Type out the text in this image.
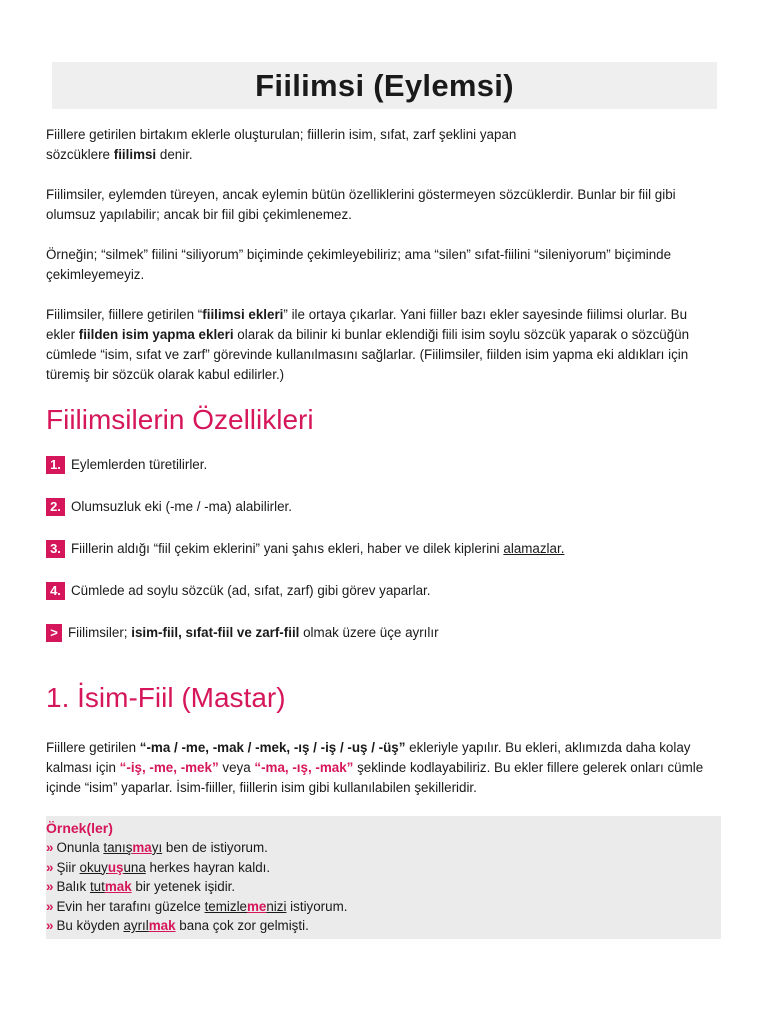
Fiilimsi (Eylemsi)

Fiillere getirilen birtakım eklerle oluşturulan; fiillerin isim, sıfat, zarf şeklini yapan
sözcüklere fiilimsi denir.

Fiilimsiler, eylemden türeyen, ancak eylemin bütün özelliklerini göstermeyen sözcüklerdir. Bunlar bir fiil gibi olumsuz yapılabilir; ancak bir fiil gibi çekimlenemez.

Örneğin; “silmek” fiilini “siliyorum” biçiminde çekimleyebiliriz; ama “silen” sıfat-fiilini “sileniyorum” biçiminde çekimleyemeyiz.

Fiilimsiler, fiillere getirilen “fiilimsi ekleri” ile ortaya çıkarlar. Yani fiiller bazı ekler sayesinde fiilimsi olurlar. Bu ekler fiilden isim yapma ekleri olarak da bilinir ki bunlar eklendiği fiili isim soylu sözcük yaparak o sözcüğün cümlede “isim, sıfat ve zarf” görevinde kullanılmasını sağlarlar. (Fiilimsiler, fiilden isim yapma eki aldıkları için türemiş bir sözcük olarak kabul edilirler.)

Fiilimsilerin Özellikleri
1. Eylemlerden türetilirler.
2. Olumsuzluk eki (-me / -ma) alabilirler.
3. Fiillerin aldığı “fiil çekim eklerini” yani şahıs ekleri, haber ve dilek kiplerini alamazlar.
4. Cümlede ad soylu sözcük (ad, sıfat, zarf) gibi görev yaparlar.
> Fiilimsiler; isim-fiil, sıfat-fiil ve zarf-fiil olmak üzere üçe ayrılır
1. İsim-Fiil (Mastar)

Fiillere getirilen “-ma / -me, -mak / -mek, -ış / -iş / -uş / -üş” ekleriyle yapılır. Bu ekleri, aklımızda daha kolay kalması için “-iş, -me, -mek” veya “-ma, -ış, -mak” şeklinde kodlayabiliriz. Bu ekler fillere gelerek onları cümle içinde “isim” yaparlar. İsim-fiiller, fiillerin isim gibi kullanılabilen şekilleridir.

Örnek(ler)
» Onunla tanışmayı ben de istiyorum.
» Şiir okuyuşuna herkes hayran kaldı.
» Balık tutmak bir yetenek işidir.
» Evin her tarafını güzelce temizlemenizi istiyorum.
» Bu köyden ayrılmak bana çok zor gelmişti.
